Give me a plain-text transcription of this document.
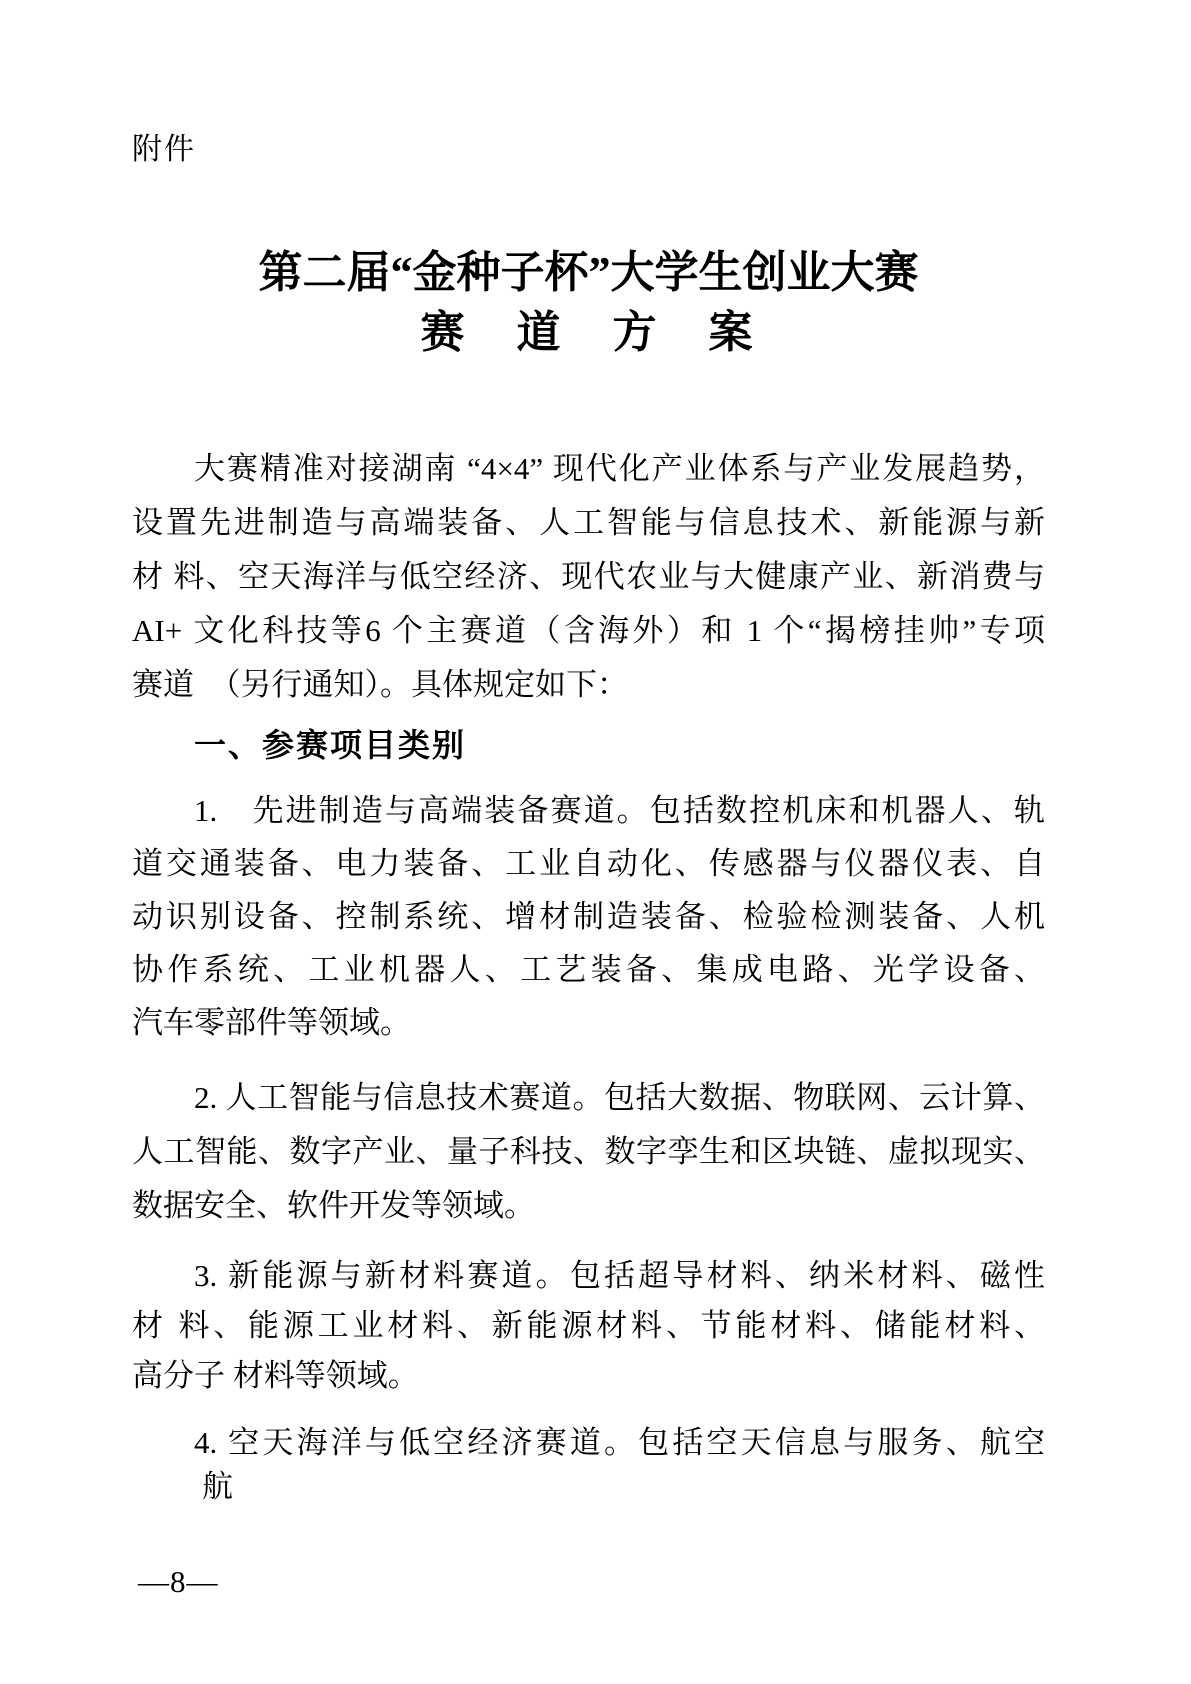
附件
第二届“金种子杯”大学生创业大赛
赛　道　方　案
大赛精准对接湖南 “4×4” 现代化产业体系与产业发展趋势，
设置先进制造与高端装备、人工智能与信息技术、新能源与新
材 料、空天海洋与低空经济、现代农业与大健康产业、新消费与
AI+ 文化科技等6 个主赛道（含海外）和 1 个“揭榜挂帅”专项
赛道　（另行通知）。具体规定如下：
一、参赛项目类别
1.　先进制造与高端装备赛道。包括数控机床和机器人、轨
道交通装备、电力装备、工业自动化、传感器与仪器仪表、自
动识别设备、控制系统、增材制造装备、检验检测装备、人机
协作系统、工业机器人、工艺装备、集成电路、光学设备、
汽车零部件等领域。
2. 人工智能与信息技术赛道。包括大数据、物联网、云计算、
人工智能、数字产业、量子科技、数字孪生和区块链、虚拟现实、
数据安全、软件开发等领域。
3. 新能源与新材料赛道。包括超导材料、纳米材料、磁性
材 料、能源工业材料、新能源材料、节能材料、储能材料、
高分子 材料等领域。
4. 空天海洋与低空经济赛道。包括空天信息与服务、航空
航
—8—
